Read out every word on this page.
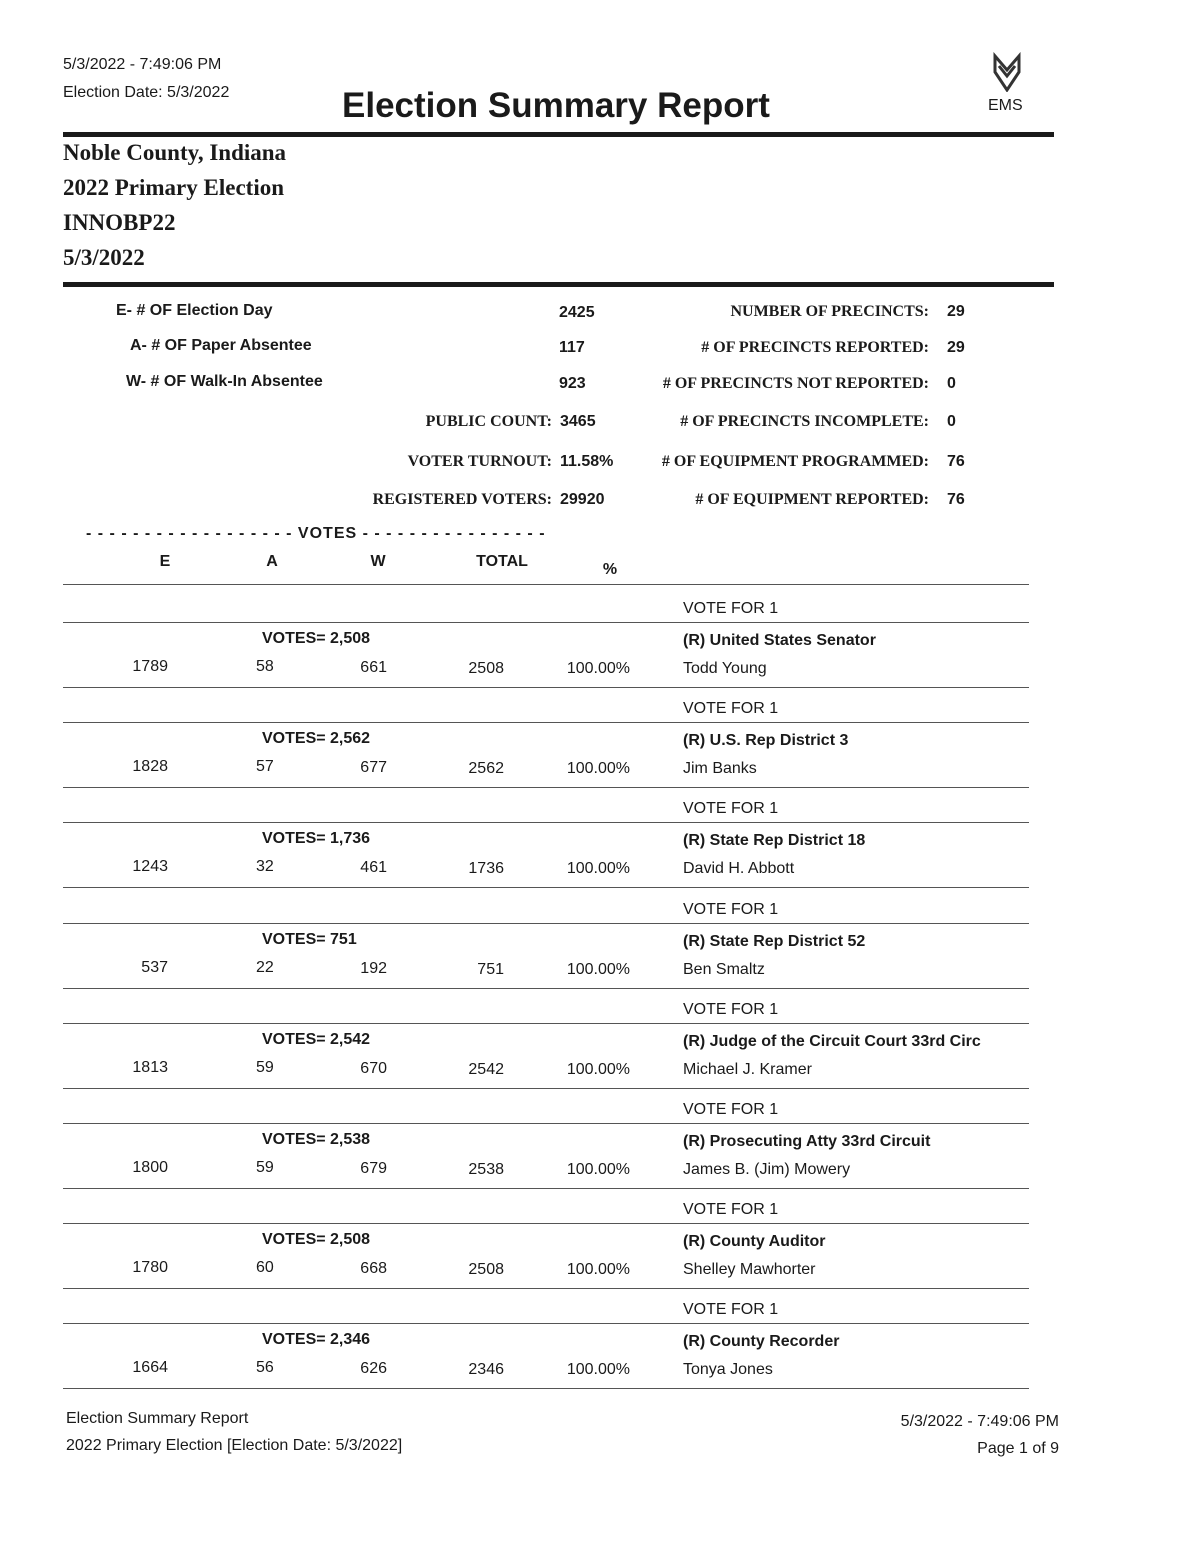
5/3/2022 - 7:49:06 PM
Election Date: 5/3/2022	Election Summary Report	EMS
Noble County, Indiana
2022 Primary Election
INNOBP22
5/3/2022
E- # OF Election Day	2425
A- # OF Paper Absentee	117
W- # OF Walk-In Absentee	923
PUBLIC COUNT: 3465
VOTER TURNOUT: 11.58%
REGISTERED VOTERS: 29920
NUMBER OF PRECINCTS: 29
# OF PRECINCTS REPORTED: 29
# OF PRECINCTS NOT REPORTED: 0
# OF PRECINCTS INCOMPLETE: 0
# OF EQUIPMENT PROGRAMMED: 76
# OF EQUIPMENT REPORTED: 76
- - - - - - - - - - - - - - - - - - VOTES - - - - - - - - - - - - - - - -
E	A	W	TOTAL	%
VOTE FOR 1
VOTES= 2,508	(R) United States Senator
1789	58	661	2508	100.00%	Todd Young
VOTE FOR 1
VOTES= 2,562	(R) U.S. Rep District 3
1828	57	677	2562	100.00%	Jim Banks
VOTE FOR 1
VOTES= 1,736	(R) State Rep District 18
1243	32	461	1736	100.00%	David H. Abbott
VOTE FOR 1
VOTES= 751	(R) State Rep District 52
537	22	192	751	100.00%	Ben Smaltz
VOTE FOR 1
VOTES= 2,542	(R) Judge of the Circuit Court 33rd Circ
1813	59	670	2542	100.00%	Michael J. Kramer
VOTE FOR 1
VOTES= 2,538	(R) Prosecuting Atty 33rd Circuit
1800	59	679	2538	100.00%	James B. (Jim) Mowery
VOTE FOR 1
VOTES= 2,508	(R) County Auditor
1780	60	668	2508	100.00%	Shelley Mawhorter
VOTE FOR 1
VOTES= 2,346	(R) County Recorder
1664	56	626	2346	100.00%	Tonya Jones
Election Summary Report
2022 Primary Election [Election Date: 5/3/2022]
5/3/2022 - 7:49:06 PM
Page 1 of 9
